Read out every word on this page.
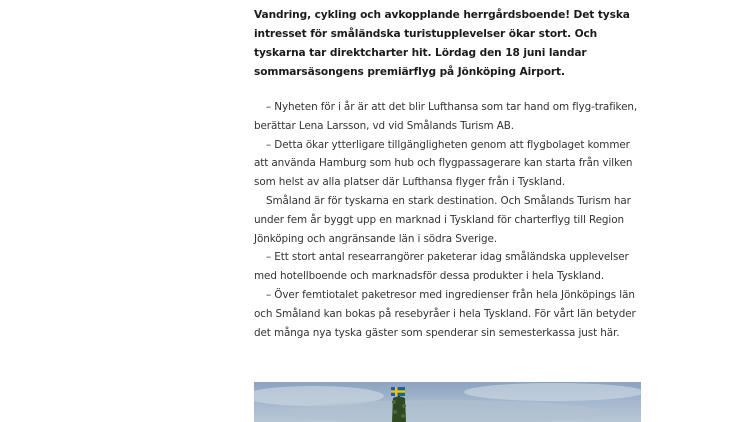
Vandring, cykling och avkopplande herrgårdsboende! Det tyska intresset för småländska turistupplevelser ökar stort. Och tyskarna tar direktcharter hit. Lördag den 18 juni landar sommarsäsongens premiärflyg på Jönköping Airport.

– Nyheten för i år är att det blir Lufthansa som tar hand om flyg-trafiken, berättar Lena Larsson, vd vid Smålands Turism AB.

– Detta ökar ytterligare tillgängligheten genom att flygbolaget kommer att använda Hamburg som hub och flygpassagerare kan starta från vilken som helst av alla platser där Lufthansa flyger från i Tyskland.

Småland är för tyskarna en stark destination. Och Smålands Turism har under fem år byggt upp en marknad i Tyskland för charterflyg till Region Jönköping och angränsande län i södra Sverige.

– Ett stort antal researrangörer paketerar idag småländska upplevelser med hotellboende och marknadsför dessa produkter i hela Tyskland.

– Över femtiotalet paketresor med ingredienser från hela Jönköpings län och Småland kan bokas på resebyråer i hela Tyskland. För vårt län betyder det många nya tyska gäster som spenderar sin semesterkassa just här.
